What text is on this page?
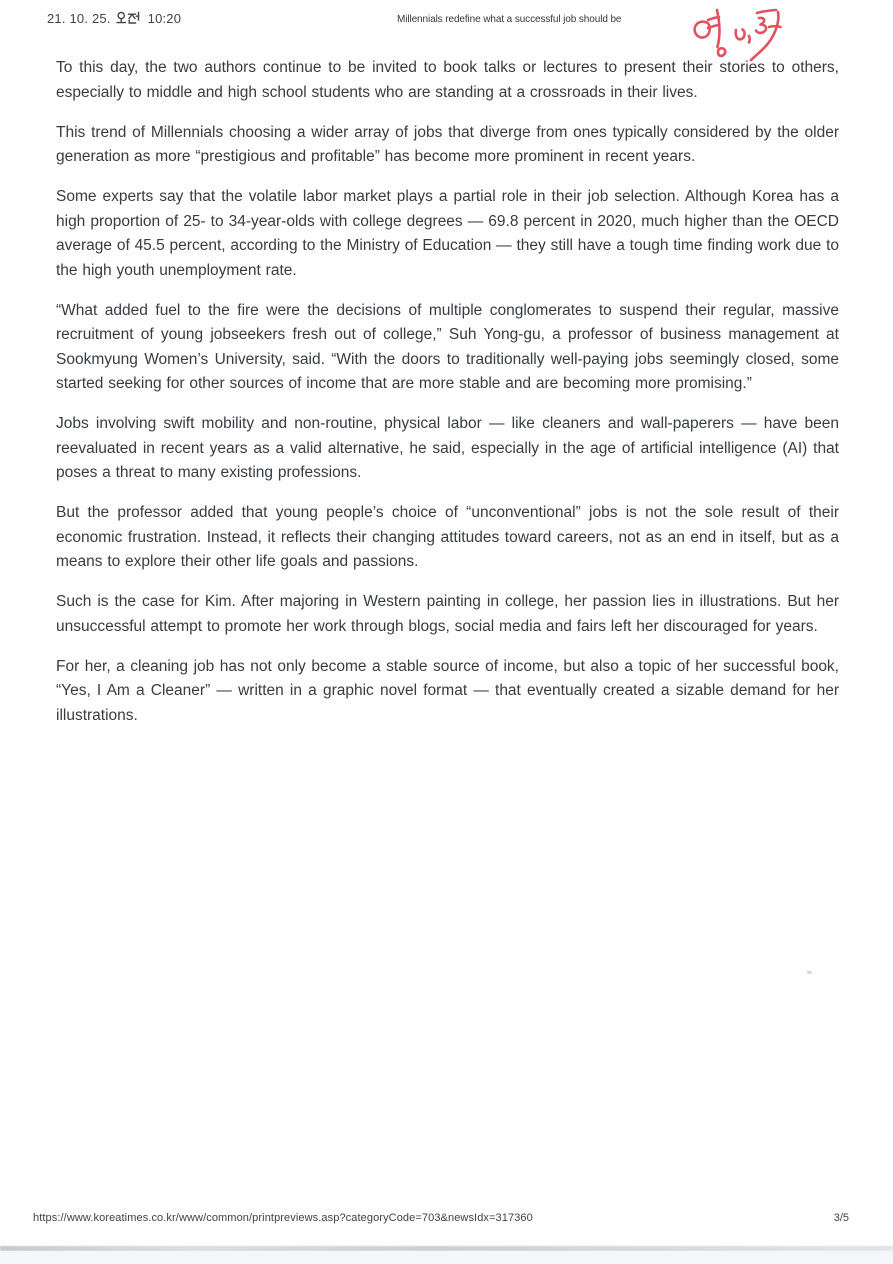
21. 10. 25.	10:20	Millennials redefine what a successful job should be

To this day, the two authors continue to be invited to book talks or lectures to present their stories to others, especially to middle and high school students who are standing at a crossroads in their lives.

This trend of Millennials choosing a wider array of jobs that diverge from ones typically considered by the older generation as more “prestigious and profitable” has become more prominent in recent years.

Some experts say that the volatile labor market plays a partial role in their job selection. Although Korea has a high proportion of 25- to 34-year-olds with college degrees — 69.8 percent in 2020, much higher than the OECD average of 45.5 percent, according to the Ministry of Education — they still have a tough time finding work due to the high youth unemployment rate.

“What added fuel to the fire were the decisions of multiple conglomerates to suspend their regular, massive recruitment of young jobseekers fresh out of college,” Suh Yong-gu, a professor of business management at Sookmyung Women’s University, said. “With the doors to traditionally well-paying jobs seemingly closed, some started seeking for other sources of income that are more stable and are becoming more promising.”

Jobs involving swift mobility and non-routine, physical labor — like cleaners and wall-paperers — have been reevaluated in recent years as a valid alternative, he said, especially in the age of artificial intelligence (AI) that poses a threat to many existing professions.

But the professor added that young people’s choice of “unconventional” jobs is not the sole result of their economic frustration. Instead, it reflects their changing attitudes toward careers, not as an end in itself, but as a means to explore their other life goals and passions.

Such is the case for Kim. After majoring in Western painting in college, her passion lies in illustrations. But her unsuccessful attempt to promote her work through blogs, social media and fairs left her discouraged for years.

For her, a cleaning job has not only become a stable source of income, but also a topic of her successful book, “Yes, I Am a Cleaner” — written in a graphic novel format — that eventually created a sizable demand for her illustrations.

https://www.koreatimes.co.kr/www/common/printpreviews.asp?categoryCode=703&newsIdx=317360	3/5
